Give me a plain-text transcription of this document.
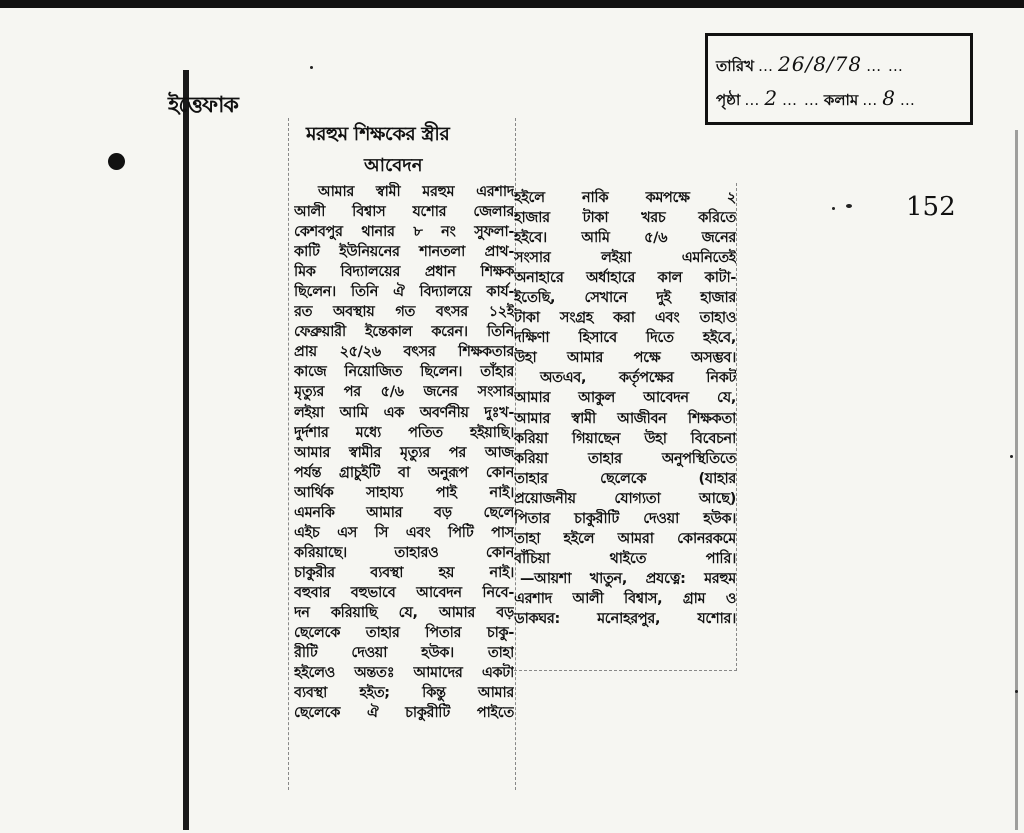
ইত্তেফাক
তারিখ … 26/8/78 … …
পৃষ্ঠা … 2 … … কলাম … 8 …
152
মরহুম শিক্ষকের স্ত্রীর
আবেদন
আমার স্বামী মরহুম এরশাদ
আলী বিশ্বাস যশোর জেলার
কেশবপুর থানার ৮ নং সুফলা-
কাটি ইউনিয়নের শানতলা প্রাথ-
মিক বিদ্যালয়ের প্রধান শিক্ষক
ছিলেন। তিনি ঐ বিদ্যালয়ে কার্য-
রত অবস্থায় গত বৎসর ১২ই
ফেব্রুয়ারী ইন্তেকাল করেন। তিনি
প্রায় ২৫/২৬ বৎসর শিক্ষকতার
কাজে নিয়োজিত ছিলেন। তাঁহার
মৃত্যুর পর ৫/৬ জনের সংসার
লইয়া আমি এক অবর্ণনীয় দুঃখ-
দুর্দশার মধ্যে পতিত হইয়াছি।
আমার স্বামীর মৃত্যুর পর আজ
পর্যন্ত গ্রাচুইটি বা অনুরূপ কোন
আর্থিক সাহায্য পাই নাই।
এমনকি আমার বড় ছেলে
এইচ এস সি এবং পিটি পাস
করিয়াছে। তাহারও কোন
চাকুরীর ব্যবস্থা হয় নাই।
বহুবার বহুভাবে আবেদন নিবে-
দন করিয়াছি যে, আমার বড়
ছেলেকে তাহার পিতার চাকু-
রীটি দেওয়া হউক। তাহা
হইলেও অন্ততঃ আমাদের একটা
ব্যবস্থা হইত; কিন্তু আমার
ছেলেকে ঐ চাকুরীটি পাইতে
হইলে নাকি কমপক্ষে ২
হাজার টাকা খরচ করিতে
হইবে। আমি ৫/৬ জনের
সংসার লইয়া এমনিতেই
অনাহারে অর্ধাহারে কাল কাটা-
ইতেছি, সেখানে দুই হাজার
টাকা সংগ্রহ করা এবং তাহাও
দক্ষিণা হিসাবে দিতে হইবে,
উহা আমার পক্ষে অসম্ভব।
অতএব, কর্তৃপক্ষের নিকট
আমার আকুল আবেদন যে,
আমার স্বামী আজীবন শিক্ষকতা
করিয়া গিয়াছেন উহা বিবেচনা
করিয়া তাহার অনুপস্থিতিতে
তাহার ছেলেকে (যাহার
প্রয়োজনীয় যোগ্যতা আছে)
পিতার চাকুরীটি দেওয়া হউক।
তাহা হইলে আমরা কোনরকমে
বাঁচিয়া থাইতে পারি।
—আয়শা খাতুন, প্রযত্নে: মরহুম
এরশাদ আলী বিশ্বাস, গ্রাম ও
ডাকঘর: মনোহরপুর, যশোর।
